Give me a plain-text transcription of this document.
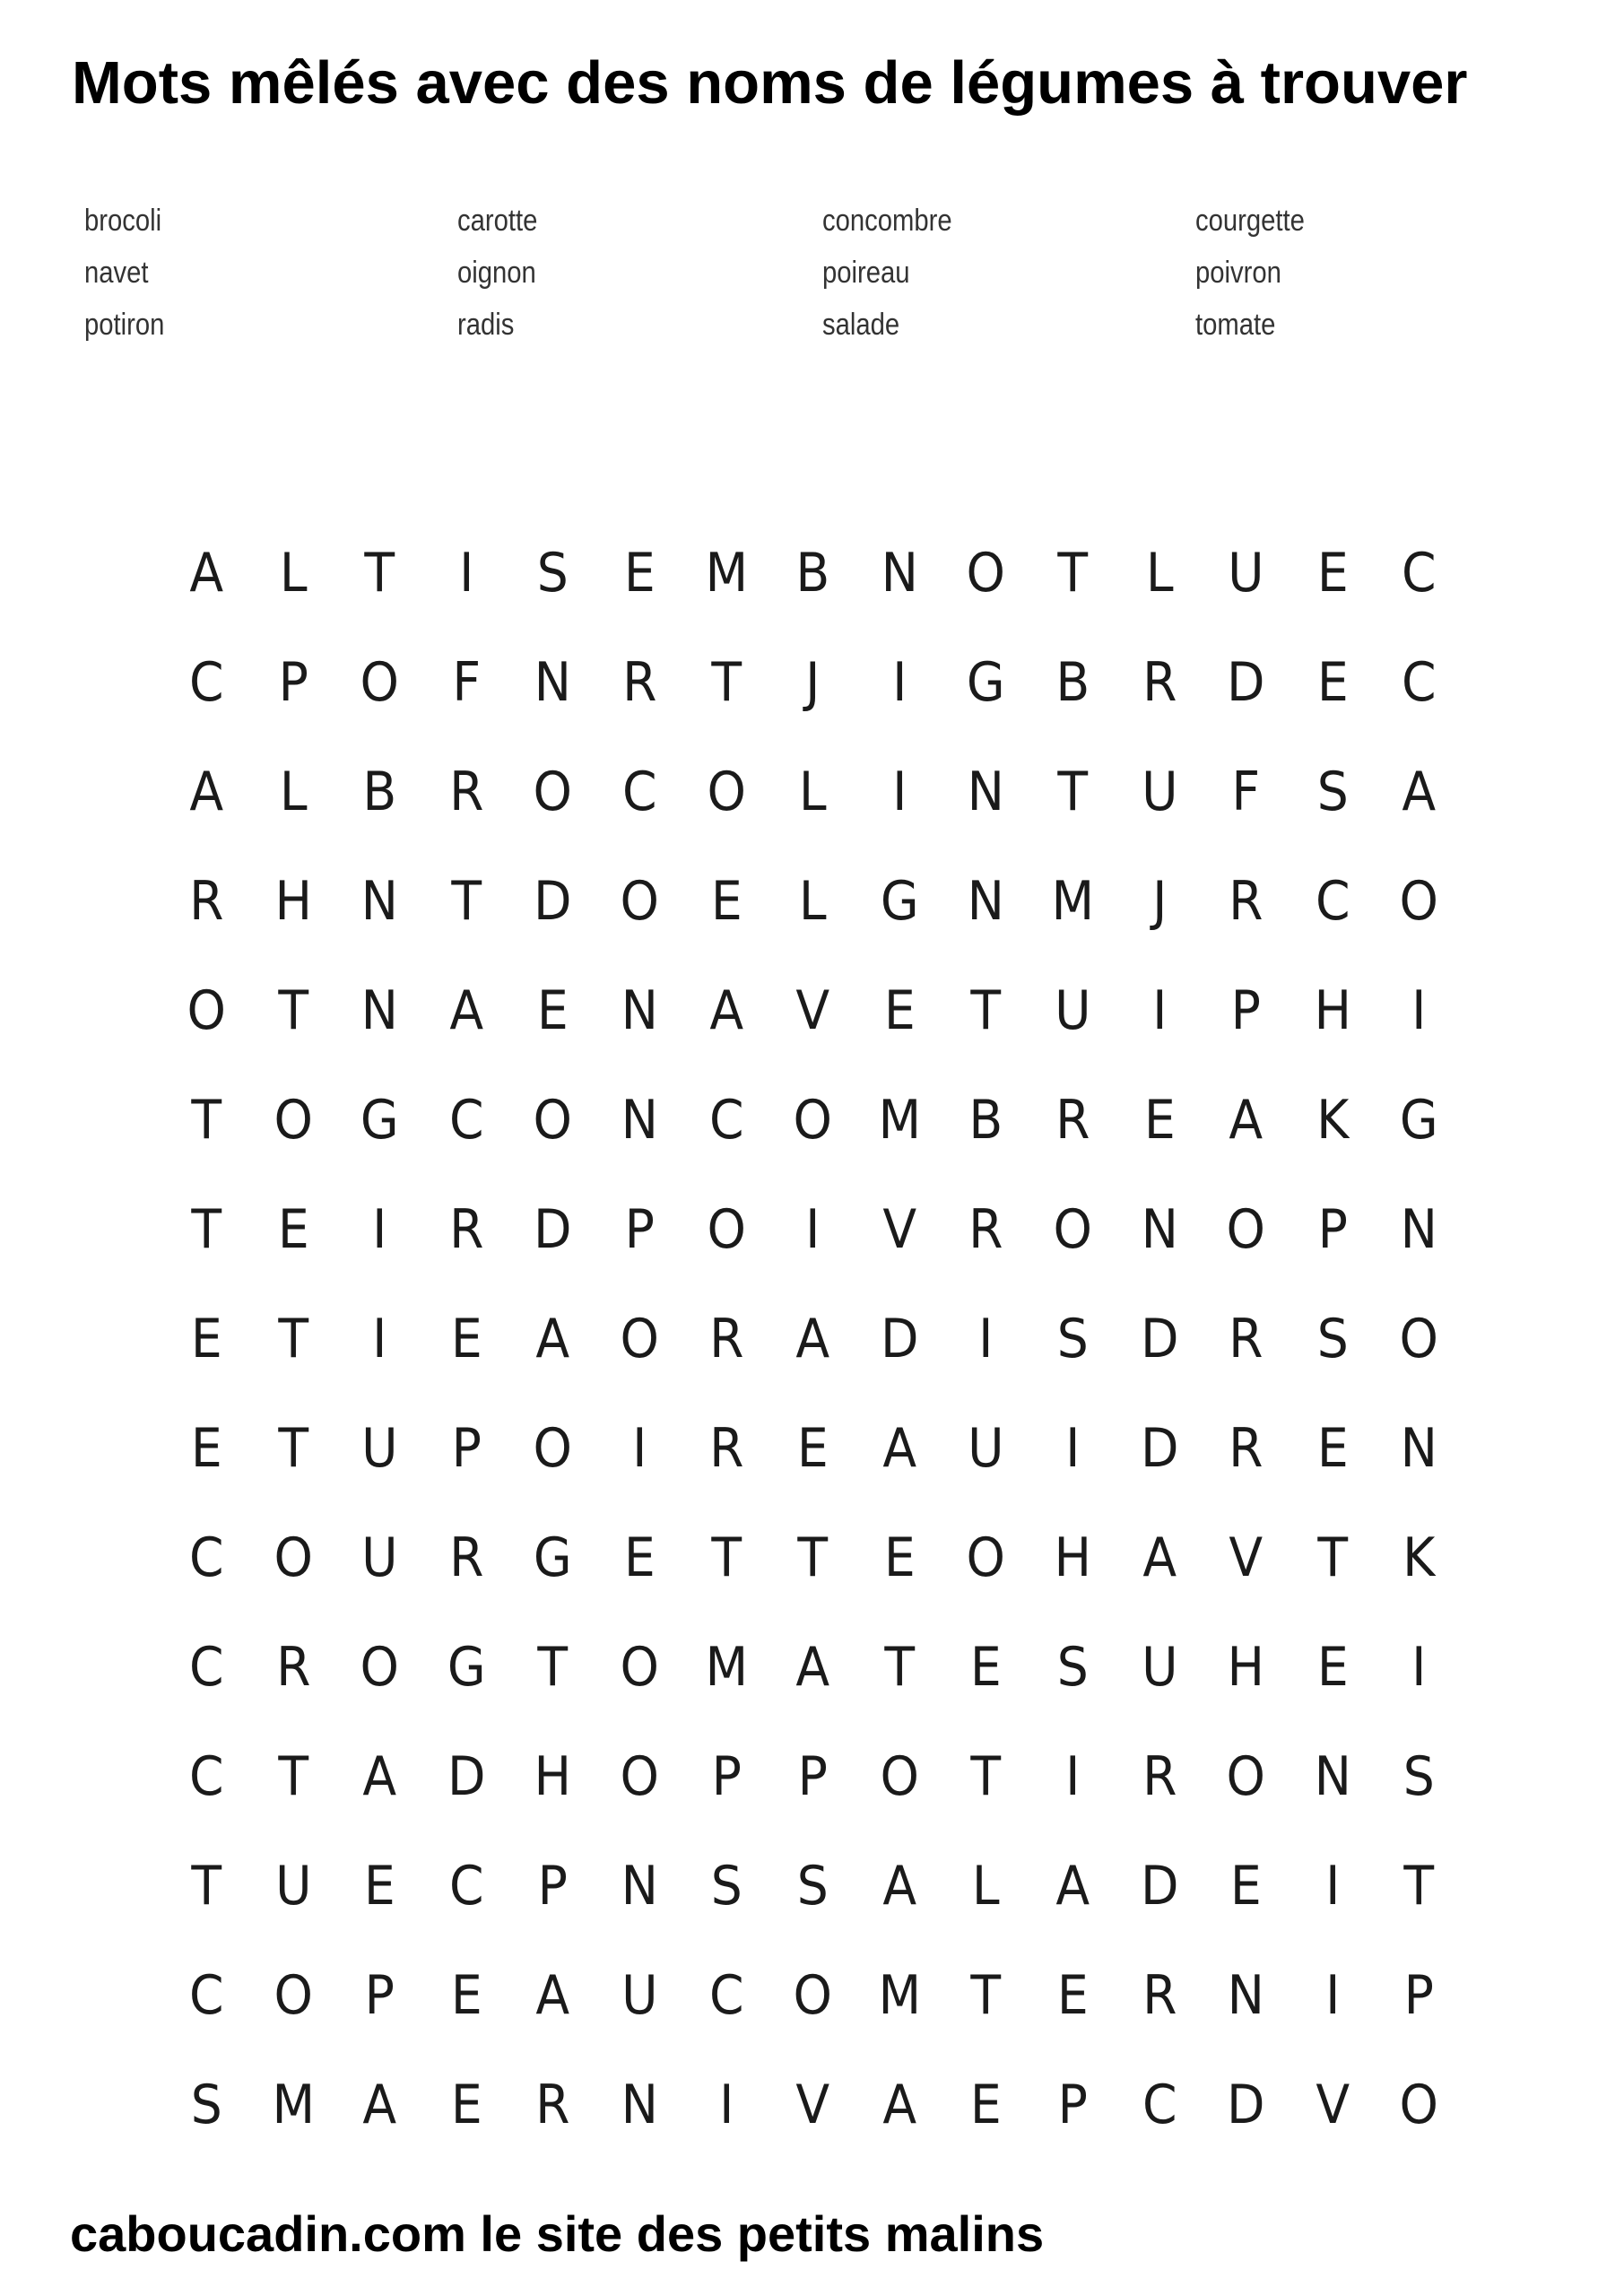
Mots mêlés avec des noms de légumes à trouver
brocoli	carotte	concombre	courgette
navet	oignon	poireau	poivron
potiron	radis	salade	tomate
A	L	T	I	S	E M B N O T	L	U E C
C	P O F	N R	T	J	I	G B R D E C
A	L	B R O C O L	I	N T U	F	S	A
R H N T D O E	L G N M	J	R C O
O T N A	E N A V	E	T U	I	P H	I
T O G C O N C O M B R E	A K G
T	E	I	R D P O	I	V R O N O P N
E	T	I	E	A O R A D	I	S D R S O
E	T U P O	I	R E	A U	I	D R E N
C O U R G E	T	T	E O H A V	T	K
C R O G T O M A	T	E	S U H E	I
C	T	A D H O P	P O T	I	R O N S
T U E C	P N S	S	A	L	A D E	I	T
C O P	E	A U C O M T	E R N	I	P
S M A	E R N	I	V A	E	P	C D V O
caboucadin.com le site des petits malins
